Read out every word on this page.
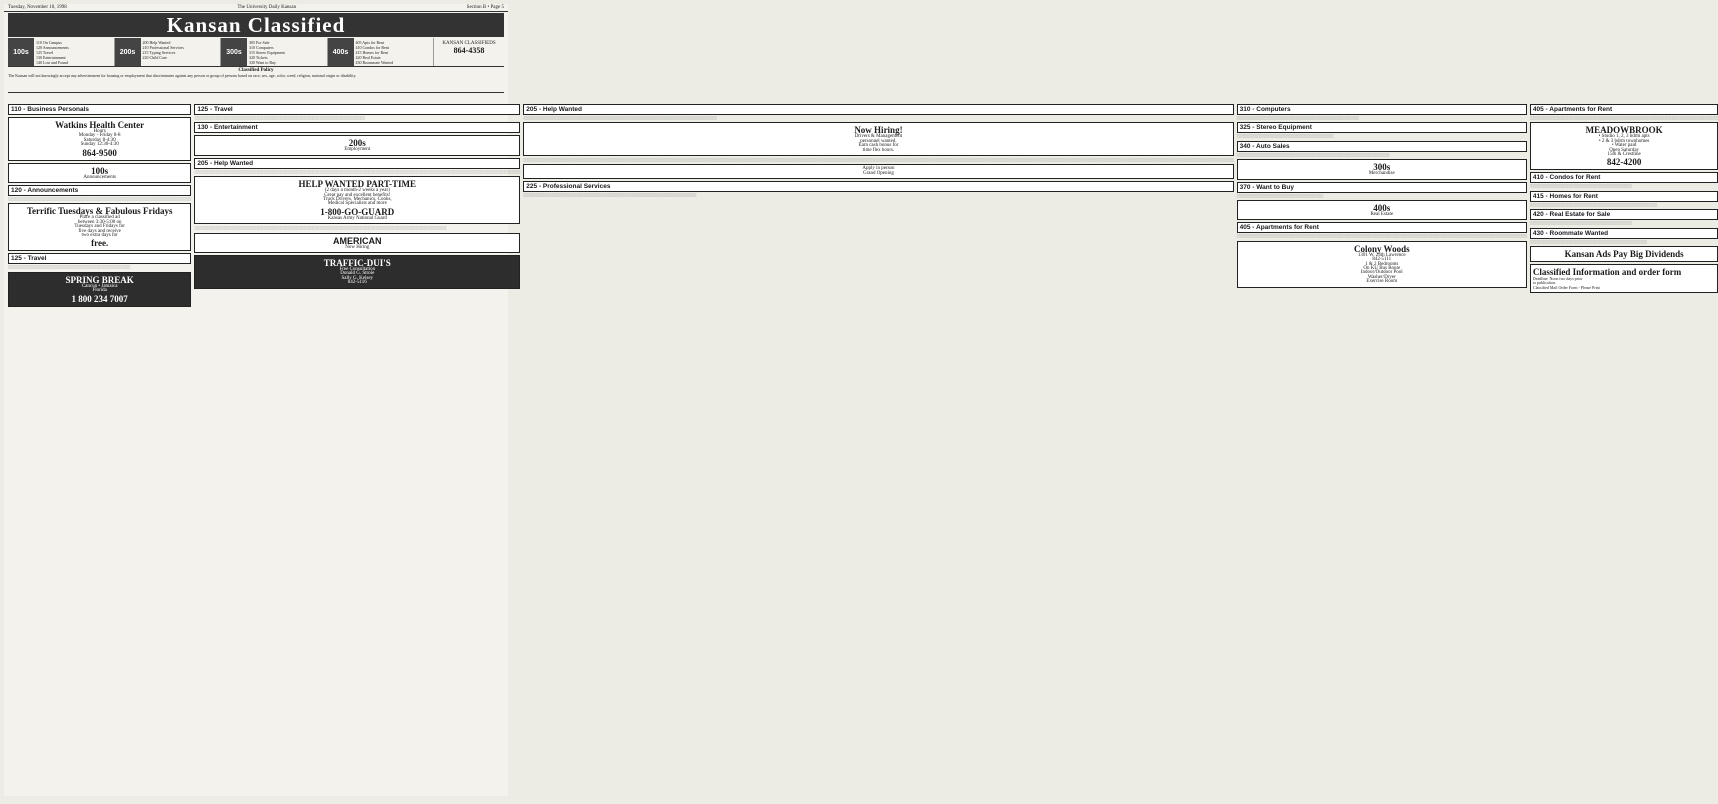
Tuesday, November 10, 1998	The University Daily Kansan	Section B • Page 5
Kansan Classified
100s
110 On Campus
120 Announcements
125 Travel
130 Entertainment
140 Lost and Found
200s
200 Help Wanted
210 Professional Services
215 Typing Services
220 Child Care
300s
305 For Sale
310 Computers
315 Stereo Equipment
320 Tickets
330 Want to Buy
400s
405 Apts for Rent
410 Condos for Rent
415 Homes for Rent
420 Real Estate
430 Roommate Wanted
KANSAN CLASSIFIEDS
864-4358
Classified Policy
The Kansan will not knowingly accept any advertisement for housing or employment that discriminates against any person or group of persons based on race, sex, age, color, creed, religion, national origin or disability.
110 - Business Personals
Watkins Health Center
Hours
Monday - Friday 8-8
Saturday 8-4:30
Sunday 12:30-4:30
864-9500
100s
Announcements
120 - Announcements
░░░░░░░░░░░░░░░░░░░░░░░░░░░░░░░░░░░░░░░░░░░░░░░░░░░░░░░░░░░░░░░░░░░░░░░░
Terrific Tuesdays & Fabulous Fridays
Place a classified ad
between 3:30-5:00 on
Tuesdays and Fridays for
five days and receive
two extra days for
free.
125 - Travel
░░░░░░░░░░░░░░░░░░░░░░░░░░░░░░░░░░░░░░░░░░░░░░░░
SPRING BREAK
Cancun • Jamaica
Florida
1 800 234 7007
125 - Travel
░░░░░░░░░░░░░░░░░░░░░░░░░░░░░░░░░░░░░░░░░░░░░░░░░░░░░░░░░░░░░░░░░░░
130 - Entertainment
200s
Employment
205 - Help Wanted
░░░░░░░░░░░░░░░░░░░░░░░░░░░░░░░░░░░░░░░░░░░░░░░░░░░░░░░░░░░░░░░░░░░░░░░░░░░░░░░░░░░░░░░░░░░░░░░░░░░░░░░░░░░░░░░░░░░░░░░░░░░░░░░░
HELP WANTED PART-TIME
(2 days a month-2 weeks a year)
Great pay and excellent benefits!
Truck Drivers, Mechanics, Cooks,
Medical Specialists and more
1-800-GO-GUARD
Kansas Army National Guard
░░░░░░░░░░░░░░░░░░░░░░░░░░░░░░░░░░░░░░░░░░░░░░░░░░░░░░░░░░░░░░░░░░░░░░░░░░░░░░░░░░░░░░░░░░░░░░░░░░░
AMERICAN
Now Hiring
TRAFFIC-DUI'S
Free Consultation
Donald G. Strole
Sally G. Kelsey
842-5116
205 - Help Wanted
░░░░░░░░░░░░░░░░░░░░░░░░░░░░░░░░░░░░░░░░░░░░░░░░░░░░░░░░░░░░░░░░░░░░░░░░░░░░
Now Hiring!
Drivers & Management
personnel wanted.
Earn cash bonus for
time flex hours.
░░░░░░░░░░░░░░░░░░░░░░░░░░░░░░░░░░░░░░░░░░░░░░░░░░░░░░░░░░░░░░░░░░░░░░░░░░░░░░░░░░░░░░░░░░░░░░░░░░░░░░░░░░░░░░░░░░░░░░░░░░░░░░░░░░░░░░░░░░░░░░░░░░░░░░░░░░░░░░░░░░░░░░░░░░░░░░░░░░░░░░░░░░░░░░░░░░░░░░░░░░░░░░░░░░░░░░░░░░░░░░░░░░░░░░░░░░░░░░░░░░░░░░░░░░░░░░░░░░░░░░░░░░░░░░░░░░░░░░░
Apply in person
Grand Opening
225 - Professional Services
░░░░░░░░░░░░░░░░░░░░░░░░░░░░░░░░░░░░░░░░░░░░░░░░░░░░░░░░░░░░░░░░░░░░
310 - Computers
░░░░░░░░░░░░░░░░░░░░░░░░░░░░░░░░░░░░░░░░░░░░░░░░
325 - Stereo Equipment
░░░░░░░░░░░░░░░░░░░░░░░░░░░░░░░░░░░░░░
340 - Auto Sales
░░░░░░░░░░░░░░░░░░░░░░░░░░░░░░░░░░░░░░░░░░░░░░░░░░░░░░░░░░░░
300s
Merchandise
370 - Want to Buy
░░░░░░░░░░░░░░░░░░░░░░░░░░░░░░░░░░
400s
Real Estate
405 - Apartments for Rent
░░░░░░░░░░░░░░░░░░░░░░░░░░░░░░░░░░░░░░░░░░░░░░░░░░░░░░░░░░░░░░░░░░░░░░░░░░░░░░░░░░░░░░░░░░░░░░░░░░░░░░░░░░░░░░░░░░
Colony Woods
1301 W. 24th Lawrence
842-5111
1 & 2 Bedrooms
On KU Bus Route
Indoor/Outdoor Pool
Washer/Dryer
Exercise Room
405 - Apartments for Rent
░░░░░░░░░░░░░░░░░░░░░░░░░░░░░░░░░░░░░░░░░░░░░░░░░░░░░░░░░░░░░░░░░░░░░░░░░░
MEADOWBROOK
• Studio 1, 2, 3 bdrm apts
• 2 & 3 bdrm townhomes
• Water paid
Open Saturday
15th & Crestline
842-4200
410 - Condos for Rent
░░░░░░░░░░░░░░░░░░░░░░░░░░░░░░░░░░░░░░░░
415 - Homes for Rent
░░░░░░░░░░░░░░░░░░░░░░░░░░░░░░░░░░░░░░░░░░░░░░░░░░
420 - Real Estate for Sale
░░░░░░░░░░░░░░░░░░░░░░░░░░░░░░░░░░░░░░░░
430 - Roommate Wanted
░░░░░░░░░░░░░░░░░░░░░░░░░░░░░░░░░░░░░░░░░░░░░░
Kansan Ads Pay Big Dividends
Classified Information and order form
Deadline: Noon two days prior
to publication.
Classified Mail Order Form - Please Print
